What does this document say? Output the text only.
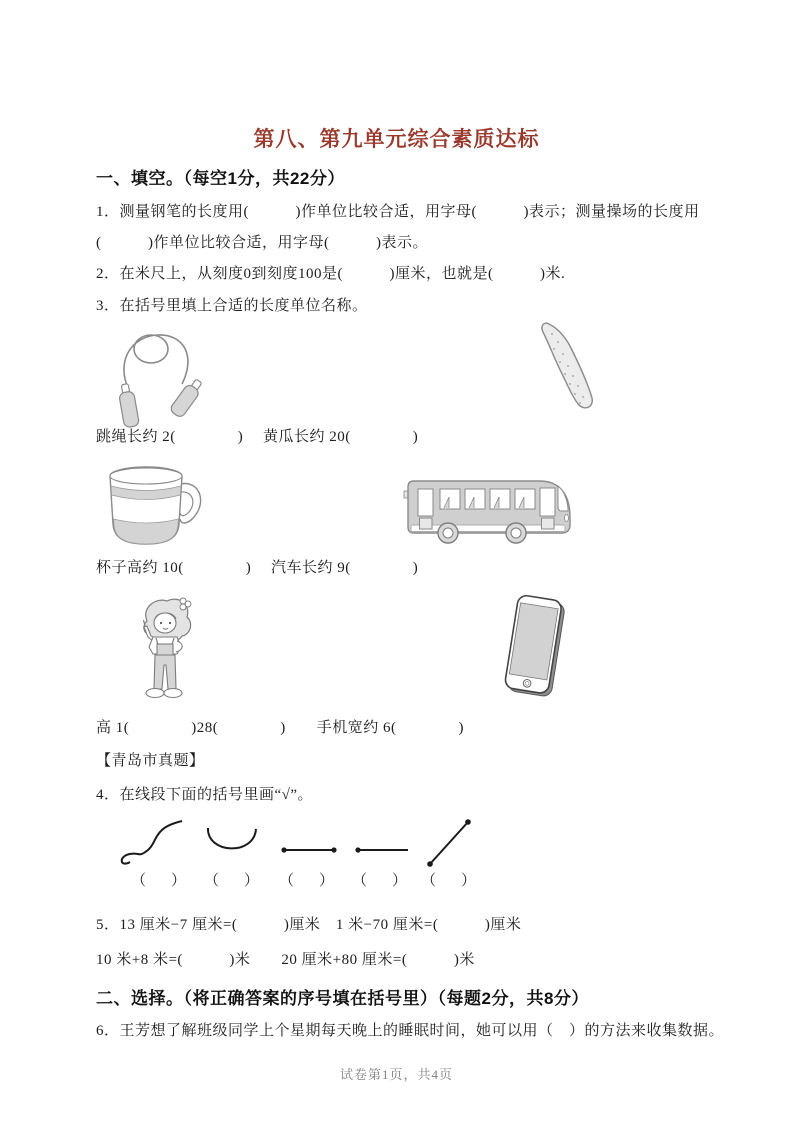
第八、第九单元综合素质达标
一、填空。（每空1分，共22分）
1．测量钢笔的长度用(　　　)作单位比较合适，用字母(　　　)表示；测量操场的长度用
(　　　)作单位比较合适，用字母(　　　)表示。
2．在米尺上，从刻度0到刻度100是(　　　)厘米，也就是(　　　)米.
3．在括号里填上合适的长度单位名称。
跳绳长约 2(　　　　)　 黄瓜长约 20(　　　　)
杯子高约 10(　　　　)　 汽车长约 9(　　　　)
高 1(　　　　)28(　　　　)　　手机宽约 6(　　　　)
【青岛市真题】
4．在线段下面的括号里画“√”。
（　） （　） （　） （　） （　）
5．13 厘米−7 厘米=(　　　)厘米　1 米−70 厘米=(　　　)厘米
10 米+8 米=(　　　)米　　20 厘米+80 厘米=(　　　)米
二、选择。（将正确答案的序号填在括号里）（每题2分，共8分）
6．王芳想了解班级同学上个星期每天晚上的睡眠时间，她可以用（　）的方法来收集数据。
试卷第1页，共4页
